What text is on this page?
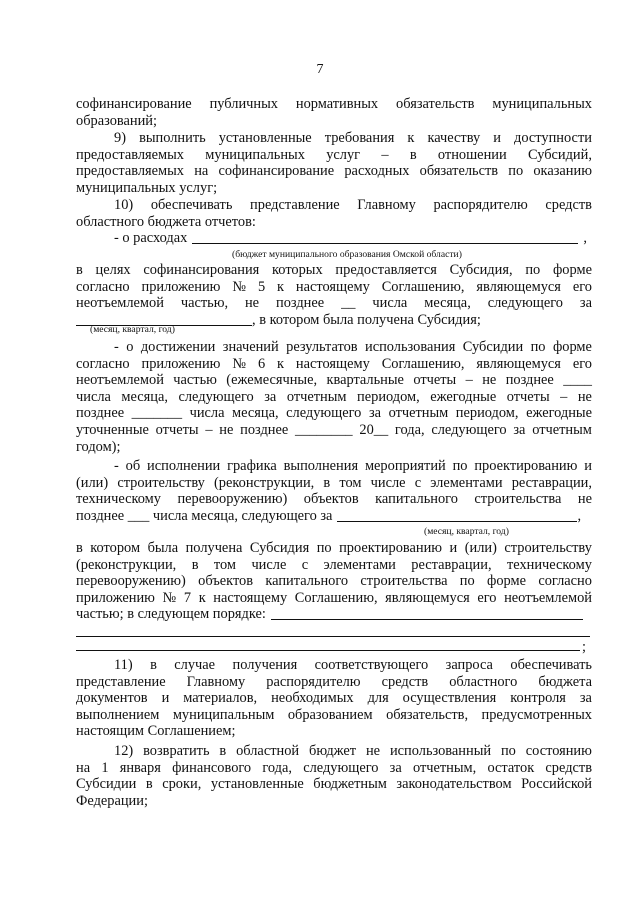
7
софинансирование публичных нормативных обязательств муниципальных
образований;
9) выполнить установленные требования к качеству и доступности
предоставляемых муниципальных услуг – в отношении Субсидий,
предоставляемых на софинансирование расходных обязательств по оказанию
муниципальных услуг;
10) обеспечивать представление Главному распорядителю средств
областного бюджета отчетов:
- о расходах	,
(бюджет муниципального образования Омской области)
в целях софинансирования которых предоставляется Субсидия, по форме
согласно приложению № 5 к настоящему Соглашению, являющемуся его
неотъемлемой частью, не позднее __ числа месяца, следующего за
, в котором была получена Субсидия;
(месяц, квартал, год)
- о достижении значений результатов использования Субсидии по форме
согласно приложению № 6 к настоящему Соглашению, являющемуся его
неотъемлемой частью (ежемесячные, квартальные отчеты – не позднее ____
числа месяца, следующего за отчетным периодом, ежегодные отчеты – не
позднее _______ числа месяца, следующего за отчетным периодом, ежегодные
уточненные отчеты – не позднее ________ 20__ года, следующего за отчетным
годом);
- об исполнении графика выполнения мероприятий по проектированию и
(или) строительству (реконструкции, в том числе с элементами реставрации,
техническому перевооружению) объектов капитального строительства не
позднее ___ числа месяца, следующего за	,
(месяц, квартал, год)
в котором была получена Субсидия по проектированию и (или) строительству
(реконструкции, в том числе с элементами реставрации, техническому
перевооружению) объектов капитального строительства по форме согласно
приложению № 7 к настоящему Соглашению, являющемуся его неотъемлемой
частью; в следующем порядке:
;
11) в случае получения соответствующего запроса обеспечивать
представление Главному распорядителю средств областного бюджета
документов и материалов, необходимых для осуществления контроля за
выполнением муниципальным образованием обязательств, предусмотренных
настоящим Соглашением;
12) возвратить в областной бюджет не использованный по состоянию
на 1 января финансового года, следующего за отчетным, остаток средств
Субсидии в сроки, установленные бюджетным законодательством Российской
Федерации;
